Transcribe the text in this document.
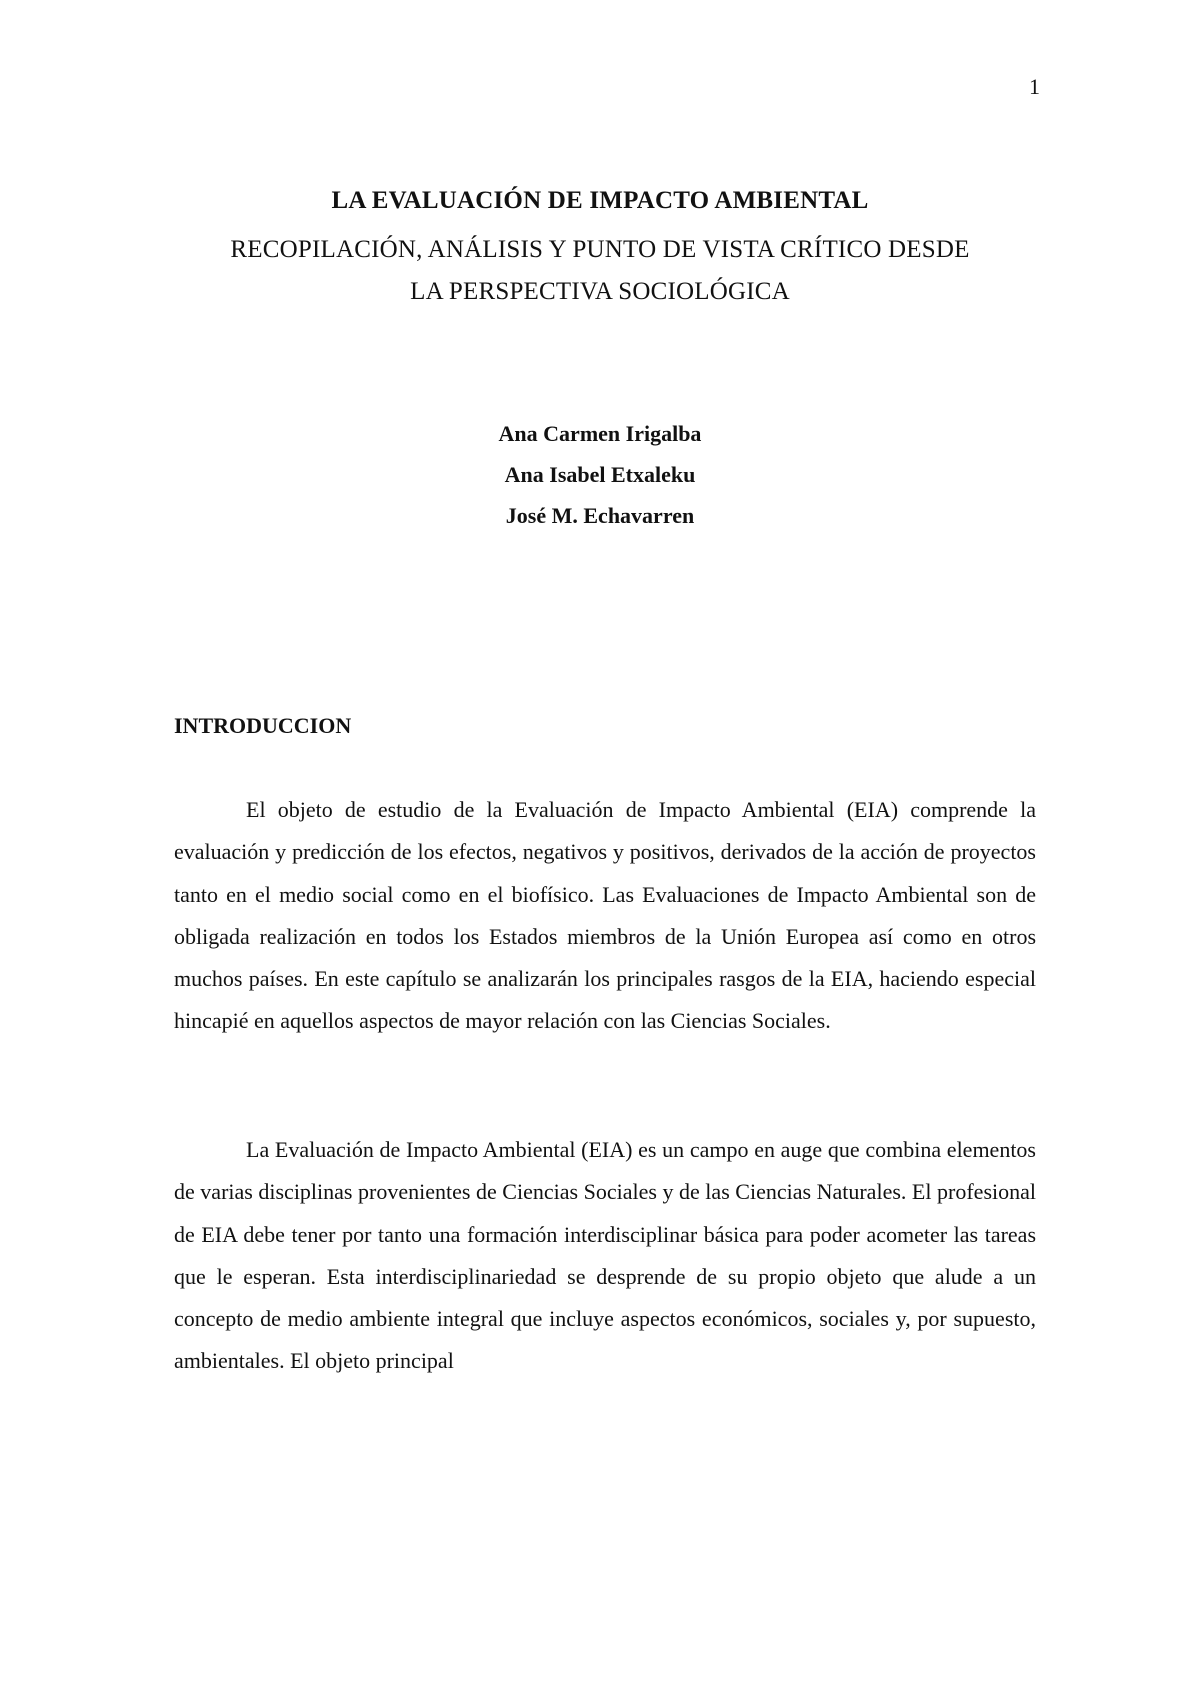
1

LA EVALUACIÓN DE IMPACTO AMBIENTAL

RECOPILACIÓN, ANÁLISIS Y PUNTO DE VISTA CRÍTICO DESDE

LA PERSPECTIVA SOCIOLÓGICA

Ana Carmen Irigalba

Ana Isabel Etxaleku

José M. Echavarren

INTRODUCCION

El objeto de estudio de la Evaluación de Impacto Ambiental (EIA) comprende la evaluación y predicción de los efectos, negativos y positivos, derivados de la acción de proyectos tanto en el medio social como en el biofísico. Las Evaluaciones de Impacto Ambiental son de obligada realización en todos los Estados miembros de la Unión Europea así como en otros muchos países. En este capítulo se analizarán los principales rasgos de la EIA, haciendo especial hincapié en aquellos aspectos de mayor relación con las Ciencias Sociales.

La Evaluación de Impacto Ambiental (EIA) es un campo en auge que combina elementos de varias disciplinas provenientes de Ciencias Sociales y de las Ciencias Naturales. El profesional de EIA debe tener por tanto una formación interdisciplinar básica para poder acometer las tareas que le esperan. Esta interdisciplinariedad se desprende de su propio objeto que alude a un concepto de medio ambiente integral que incluye aspectos económicos, sociales y, por supuesto, ambientales. El objeto principal
